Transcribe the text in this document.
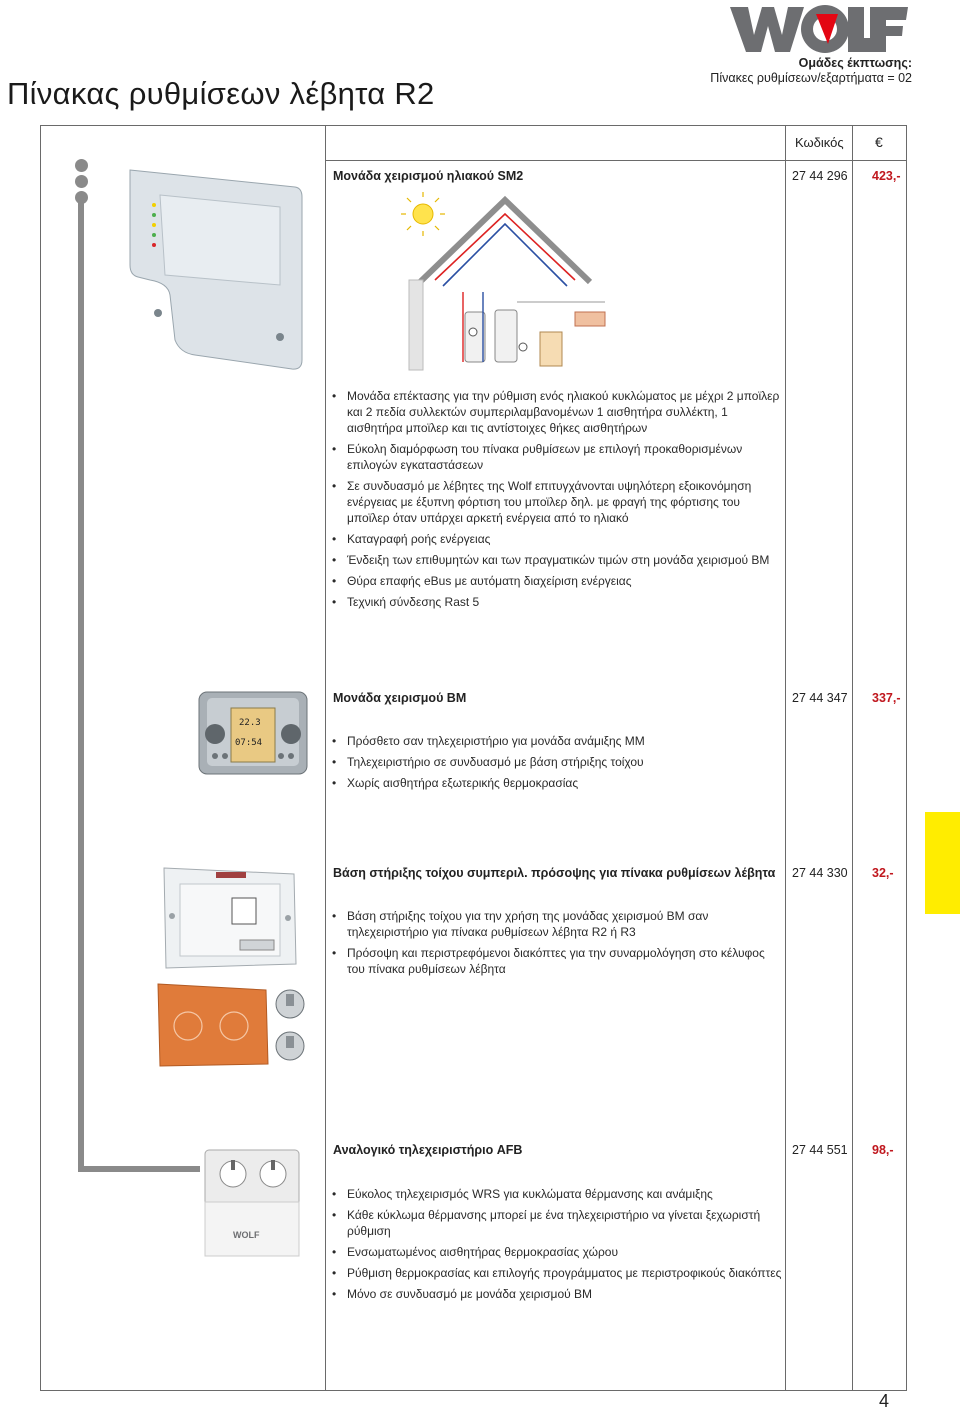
Ομάδες έκπτωσης:
Πίνακες ρυθμίσεων/εξαρτήματα = 02
Πίνακας ρυθμίσεων λέβητα R2
Κωδικός €
Μονάδα χειρισμού ηλιακού SM2	27 44 296 423,-
• Μονάδα επέκτασης για την ρύθμιση ενός ηλιακού κυκλώματος με μέχρι 2 μποϊλερ και 2 πεδία συλλεκτών συμπεριλαμβανομένων 1 αισθητήρα συλλέκτη, 1 αισθητήρα μποϊλερ και τις αντίστοιχες θήκες αισθητήρων
• Εύκολη διαμόρφωση του πίνακα ρυθμίσεων με επιλογή προκαθορισμένων επιλογών εγκαταστάσεων
• Σε συνδυασμό με λέβητες της Wolf επιτυγχάνονται υψηλότερη εξοικονόμηση ενέργειας με έξυπνη φόρτιση του μποϊλερ δηλ. με φραγή της φόρτισης του μποϊλερ όταν υπάρχει αρκετή ενέργεια από το ηλιακό
• Καταγραφή ροής ενέργειας
• Ένδειξη των επιθυμητών και των πραγματικών τιμών στη μονάδα χειρισμού BM
• Θύρα επαφής eBus με αυτόματη διαχείριση ενέργειας
• Τεχνική σύνδεσης Rast 5
22.3
07:54
Μονάδα χειρισμού BM	27 44 347 337,-
• Πρόσθετο σαν τηλεχειριστήριο για μονάδα ανάμιξης MM
• Τηλεχειριστήριο σε συνδυασμό με βάση στήριξης τοίχου
• Χωρίς αισθητήρα εξωτερικής θερμοκρασίας
Βάση στήριξης τοίχου συμπεριλ. πρόσοψης για πίνακα ρυθμίσεων λέβητα 27 44 330 32,-
• Βάση στήριξης τοίχου για την χρήση της μονάδας χειρισμού BM σαν τηλεχειριστήριο για πίνακα ρυθμίσεων λέβητα R2 ή R3
• Πρόσοψη και περιστρεφόμενοι διακόπτες για την συναρμολόγηση στο κέλυφος του πίνακα ρυθμίσεων λέβητα
WOLF
Αναλογικό τηλεχειριστήριο AFB	27 44 551 98,-
• Εύκολος τηλεχειρισμός WRS για κυκλώματα θέρμανσης και ανάμιξης
• Κάθε κύκλωμα θέρμανσης μπορεί με ένα τηλεχειριστήριο να γίνεται ξεχωριστή ρύθμιση
• Ενσωματωμένος αισθητήρας θερμοκρασίας χώρου
• Ρύθμιση θερμοκρασίας και επιλογής προγράμματος με περιστροφικούς διακόπτες
• Μόνο σε συνδυασμό με μονάδα χειρισμού BM
4
